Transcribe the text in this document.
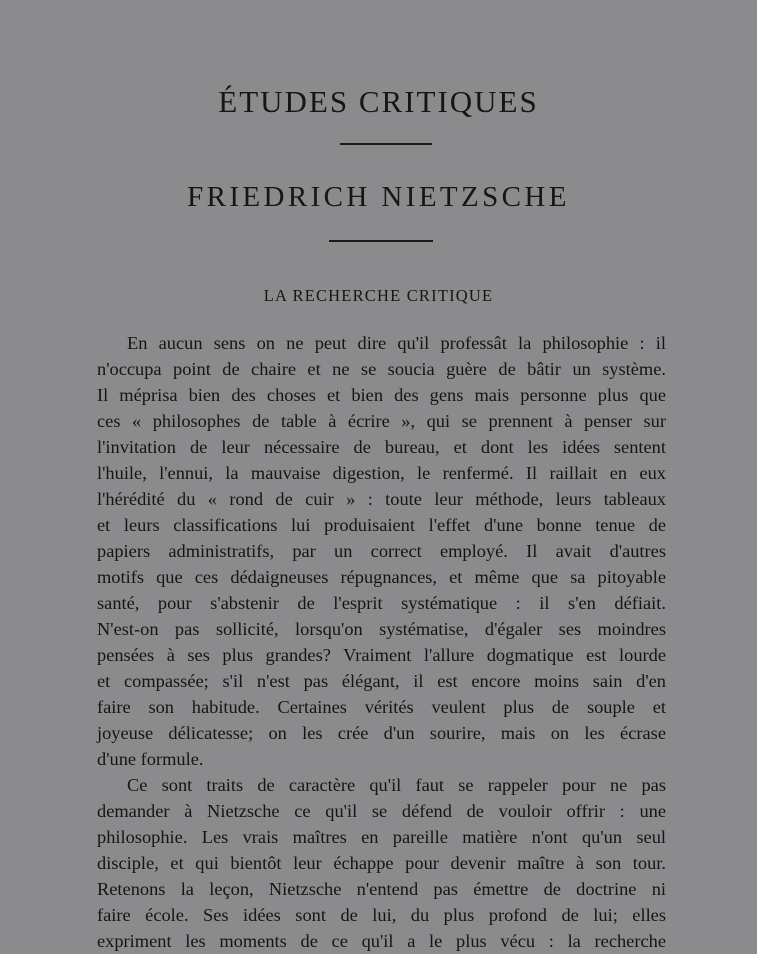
ÉTUDES CRITIQUES
FRIEDRICH NIETZSCHE
LA RECHERCHE CRITIQUE
En aucun sens on ne peut dire qu'il professât la philosophie : il
n'occupa point de chaire et ne se soucia guère de bâtir un système.
Il méprisa bien des choses et bien des gens mais personne plus que
ces « philosophes de table à écrire », qui se prennent à penser sur
l'invitation de leur nécessaire de bureau, et dont les idées sentent
l'huile, l'ennui, la mauvaise digestion, le renfermé. Il raillait en eux
l'hérédité du « rond de cuir » : toute leur méthode, leurs tableaux
et leurs classifications lui produisaient l'effet d'une bonne tenue de
papiers administratifs, par un correct employé. Il avait d'autres
motifs que ces dédaigneuses répugnances, et même que sa pitoyable
santé, pour s'abstenir de l'esprit systématique : il s'en défiait.
N'est-on pas sollicité, lorsqu'on systématise, d'égaler ses moindres
pensées à ses plus grandes? Vraiment l'allure dogmatique est lourde
et compassée; s'il n'est pas élégant, il est encore moins sain d'en
faire son habitude. Certaines vérités veulent plus de souple et
joyeuse délicatesse; on les crée d'un sourire, mais on les écrase
d'une formule.
Ce sont traits de caractère qu'il faut se rappeler pour ne pas
demander à Nietzsche ce qu'il se défend de vouloir offrir : une
philosophie. Les vrais maîtres en pareille matière n'ont qu'un seul
disciple, et qui bientôt leur échappe pour devenir maître à son tour.
Retenons la leçon, Nietzsche n'entend pas émettre de doctrine ni
faire école. Ses idées sont de lui, du plus profond de lui; elles
expriment les moments de ce qu'il a le plus vécu : la recherche
